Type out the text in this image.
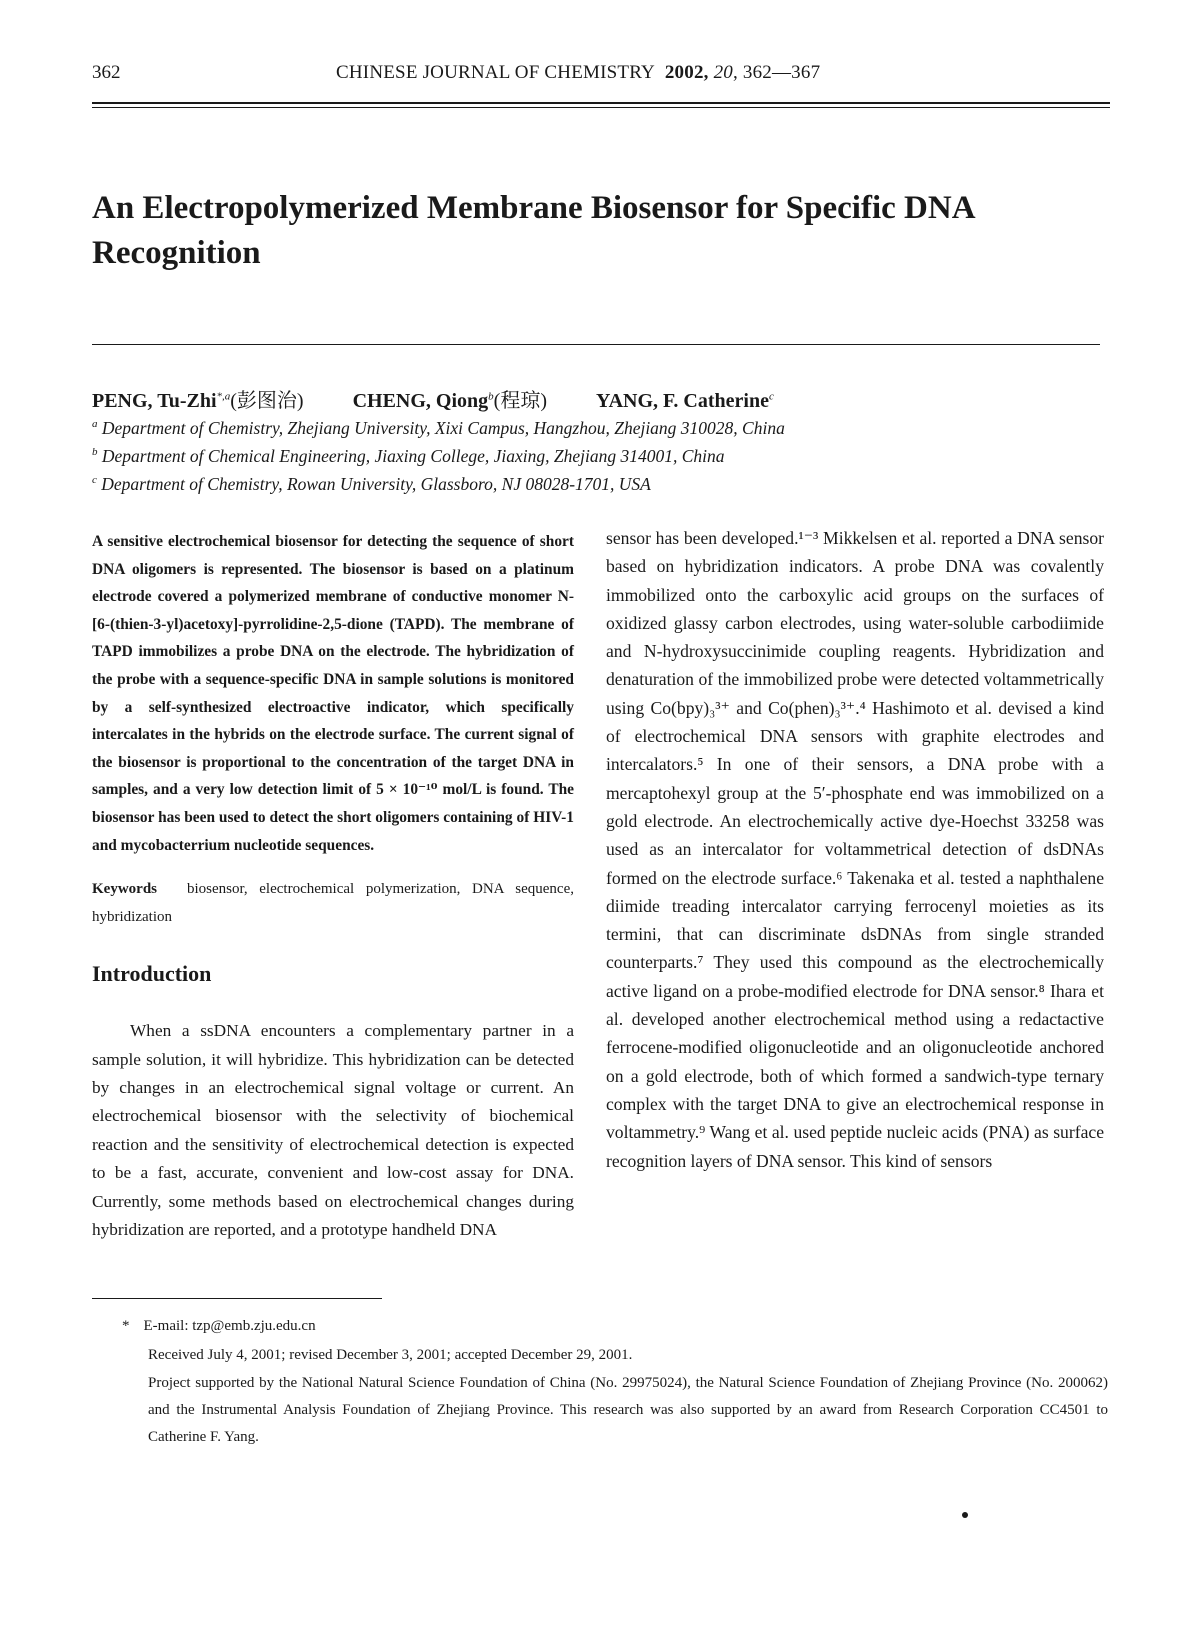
362	CHINESE JOURNAL OF CHEMISTRY 2002, 20, 362—367
An Electropolymerized Membrane Biosensor for Specific DNA Recognition
PENG, Tu-Zhi$^{*,a}$(彭图治) CHENG, Qiong$^b$(程琼) YANG, F. Catherine$^c$
$^a$ Department of Chemistry, Zhejiang University, Xixi Campus, Hangzhou, Zhejiang 310028, China
$^b$ Department of Chemical Engineering, Jiaxing College, Jiaxing, Zhejiang 314001, China
$^c$ Department of Chemistry, Rowan University, Glassboro, NJ 08028-1701, USA

A sensitive electrochemical biosensor for detecting the sequence of short DNA oligomers is represented. The biosensor is based on a platinum electrode covered a polymerized membrane of conductive monomer N-[6-(thien-3-yl)acetoxy]-pyrrolidine-2,5-dione (TAPD). The membrane of TAPD immobilizes a probe DNA on the electrode. The hybridization of the probe with a sequence-specific DNA in sample solutions is monitored by a self-synthesized electroactive indicator, which specifically intercalates in the hybrids on the electrode surface. The current signal of the biosensor is proportional to the concentration of the target DNA in samples, and a very low detection limit of 5 × 10⁻¹⁰ mol/L is found. The biosensor has been used to detect the short oligomers containing of HIV-1 and mycobacterrium nucleotide sequences.

Keywords biosensor, electrochemical polymerization, DNA sequence, hybridization

Introduction

When a ssDNA encounters a complementary partner in a sample solution, it will hybridize. This hybridization can be detected by changes in an electrochemical signal voltage or current. An electrochemical biosensor with the selectivity of biochemical reaction and the sensitivity of electrochemical detection is expected to be a fast, accurate, convenient and low-cost assay for DNA. Currently, some methods based on electrochemical changes during hybridization are reported, and a prototype handheld DNA

sensor has been developed.¹⁻³ Mikkelsen et al. reported a DNA sensor based on hybridization indicators. A probe DNA was covalently immobilized onto the carboxylic acid groups on the surfaces of oxidized glassy carbon electrodes, using water-soluble carbodiimide and N-hydroxysuccinimide coupling reagents. Hybridization and denaturation of the immobilized probe were detected voltammetrically using Co(bpy)₃³⁺ and Co(phen)₃³⁺.⁴ Hashimoto et al. devised a kind of electrochemical DNA sensors with graphite electrodes and intercalators.⁵ In one of their sensors, a DNA probe with a mercaptohexyl group at the 5′-phosphate end was immobilized on a gold electrode. An electrochemically active dye-Hoechst 33258 was used as an intercalator for voltammetrical detection of dsDNAs formed on the electrode surface.⁶ Takenaka et al. tested a naphthalene diimide treading intercalator carrying ferrocenyl moieties as its termini, that can discriminate dsDNAs from single stranded counterparts.⁷ They used this compound as the electrochemically active ligand on a probe-modified electrode for DNA sensor.⁸ Ihara et al. developed another electrochemical method using a redactactive ferrocene-modified oligonucleotide and an oligonucleotide anchored on a gold electrode, both of which formed a sandwich-type ternary complex with the target DNA to give an electrochemical response in voltammetry.⁹ Wang et al. used peptide nucleic acids (PNA) as surface recognition layers of DNA sensor. This kind of sensors

* E-mail: tzp@emb.zju.edu.cn
Received July 4, 2001; revised December 3, 2001; accepted December 29, 2001.
Project supported by the National Natural Science Foundation of China (No. 29975024), the Natural Science Foundation of Zhejiang Province (No. 200062) and the Instrumental Analysis Foundation of Zhejiang Province. This research was also supported by an award from Research Corporation CC4501 to Catherine F. Yang.
